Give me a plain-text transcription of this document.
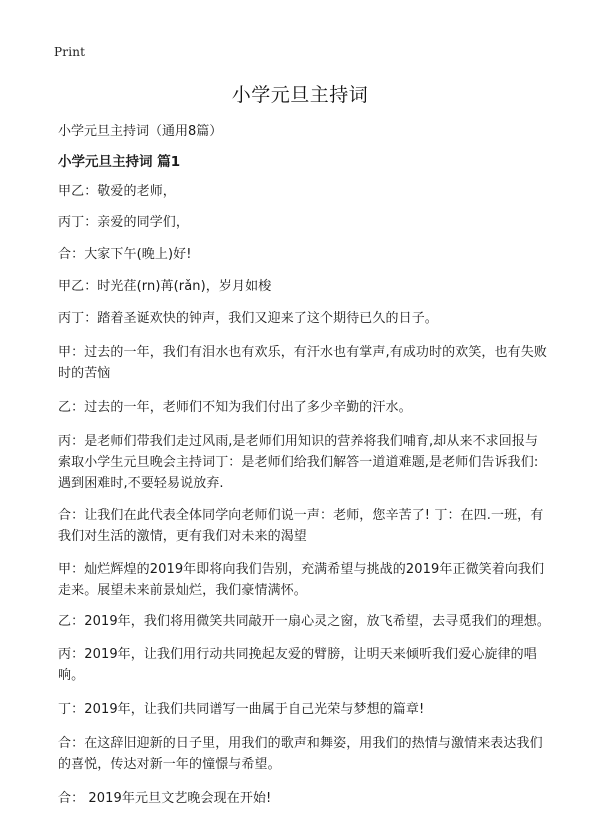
Print
小学元旦主持词

小学元旦主持词（通用8篇）

小学元旦主持词 篇1

甲乙：敬爱的老师，

丙丁：亲爱的同学们，

合：大家下午(晚上)好!

甲乙：时光荏(rn)苒(rǎn)，岁月如梭

丙丁：踏着圣诞欢快的钟声，我们又迎来了这个期待已久的日子。

甲：过去的一年，我们有泪水也有欢乐，有汗水也有掌声,有成功时的欢笑，也有失败时的苦恼

乙：过去的一年，老师们不知为我们付出了多少辛勤的汗水。

丙：是老师们带我们走过风雨,是老师们用知识的营养将我们哺育,却从来不求回报与索取小学生元旦晚会主持词丁：是老师们给我们解答一道道难题,是老师们告诉我们: 遇到困难时,不要轻易说放弃.

合：让我们在此代表全体同学向老师们说一声：老师，您辛苦了! 丁：在四.一班，有我们对生活的激情，更有我们对未来的渴望

甲：灿烂辉煌的2019年即将向我们告别，充满希望与挑战的2019年正微笑着向我们走来。展望未来前景灿烂，我们豪情满怀。

乙：2019年，我们将用微笑共同敲开一扇心灵之窗，放飞希望，去寻觅我们的理想。

丙：2019年，让我们用行动共同挽起友爱的臂膀，让明天来倾听我们爱心旋律的唱响。

丁：2019年，让我们共同谱写一曲属于自己光荣与梦想的篇章!

合：在这辞旧迎新的日子里，用我们的歌声和舞姿，用我们的热情与激情来表达我们的喜悦，传达对新一年的憧憬与希望。

合： 2019年元旦文艺晚会现在开始!
